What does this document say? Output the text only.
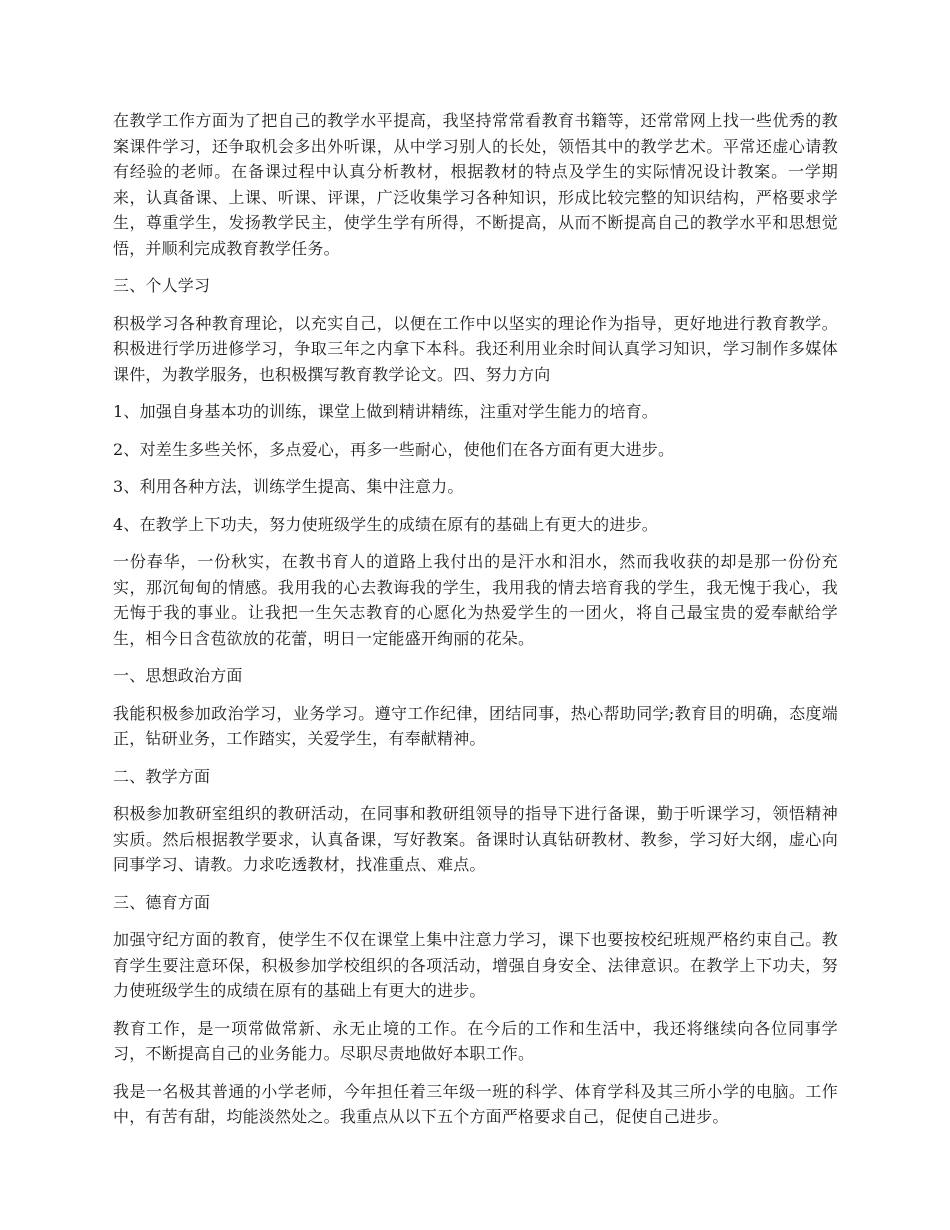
在教学工作方面为了把自己的教学水平提高，我坚持常常看教育书籍等，还常常网上找一些优秀的教案课件学习，还争取机会多出外听课，从中学习别人的长处，领悟其中的教学艺术。平常还虚心请教有经验的老师。在备课过程中认真分析教材，根据教材的特点及学生的实际情况设计教案。一学期来，认真备课、上课、听课、评课，广泛收集学习各种知识，形成比较完整的知识结构，严格要求学生，尊重学生，发扬教学民主，使学生学有所得，不断提高，从而不断提高自己的教学水平和思想觉悟，并顺利完成教育教学任务。

三、个人学习

积极学习各种教育理论，以充实自己，以便在工作中以坚实的理论作为指导，更好地进行教育教学。积极进行学历进修学习，争取三年之内拿下本科。我还利用业余时间认真学习知识，学习制作多媒体课件，为教学服务，也积极撰写教育教学论文。四、努力方向

1、加强自身基本功的训练，课堂上做到精讲精练，注重对学生能力的培育。

2、对差生多些关怀，多点爱心，再多一些耐心，使他们在各方面有更大进步。

3、利用各种方法，训练学生提高、集中注意力。

4、在教学上下功夫，努力使班级学生的成绩在原有的基础上有更大的进步。

一份春华，一份秋实，在教书育人的道路上我付出的是汗水和泪水，然而我收获的却是那一份份充实，那沉甸甸的情感。我用我的心去教诲我的学生，我用我的情去培育我的学生，我无愧于我心，我无悔于我的事业。让我把一生矢志教育的心愿化为热爱学生的一团火，将自己最宝贵的爱奉献给学生，相今日含苞欲放的花蕾，明日一定能盛开绚丽的花朵。

一、思想政治方面

我能积极参加政治学习，业务学习。遵守工作纪律，团结同事，热心帮助同学;教育目的明确，态度端正，钻研业务，工作踏实，关爱学生，有奉献精神。

二、教学方面

积极参加教研室组织的教研活动，在同事和教研组领导的指导下进行备课，勤于听课学习，领悟精神实质。然后根据教学要求，认真备课，写好教案。备课时认真钻研教材、教参，学习好大纲，虚心向同事学习、请教。力求吃透教材，找准重点、难点。

三、德育方面

加强守纪方面的教育，使学生不仅在课堂上集中注意力学习，课下也要按校纪班规严格约束自己。教育学生要注意环保，积极参加学校组织的各项活动，增强自身安全、法律意识。在教学上下功夫，努力使班级学生的成绩在原有的基础上有更大的进步。

教育工作，是一项常做常新、永无止境的工作。在今后的工作和生活中，我还将继续向各位同事学习，不断提高自己的业务能力。尽职尽责地做好本职工作。

我是一名极其普通的小学老师，今年担任着三年级一班的科学、体育学科及其三所小学的电脑。工作中，有苦有甜，均能淡然处之。我重点从以下五个方面严格要求自己，促使自己进步。
